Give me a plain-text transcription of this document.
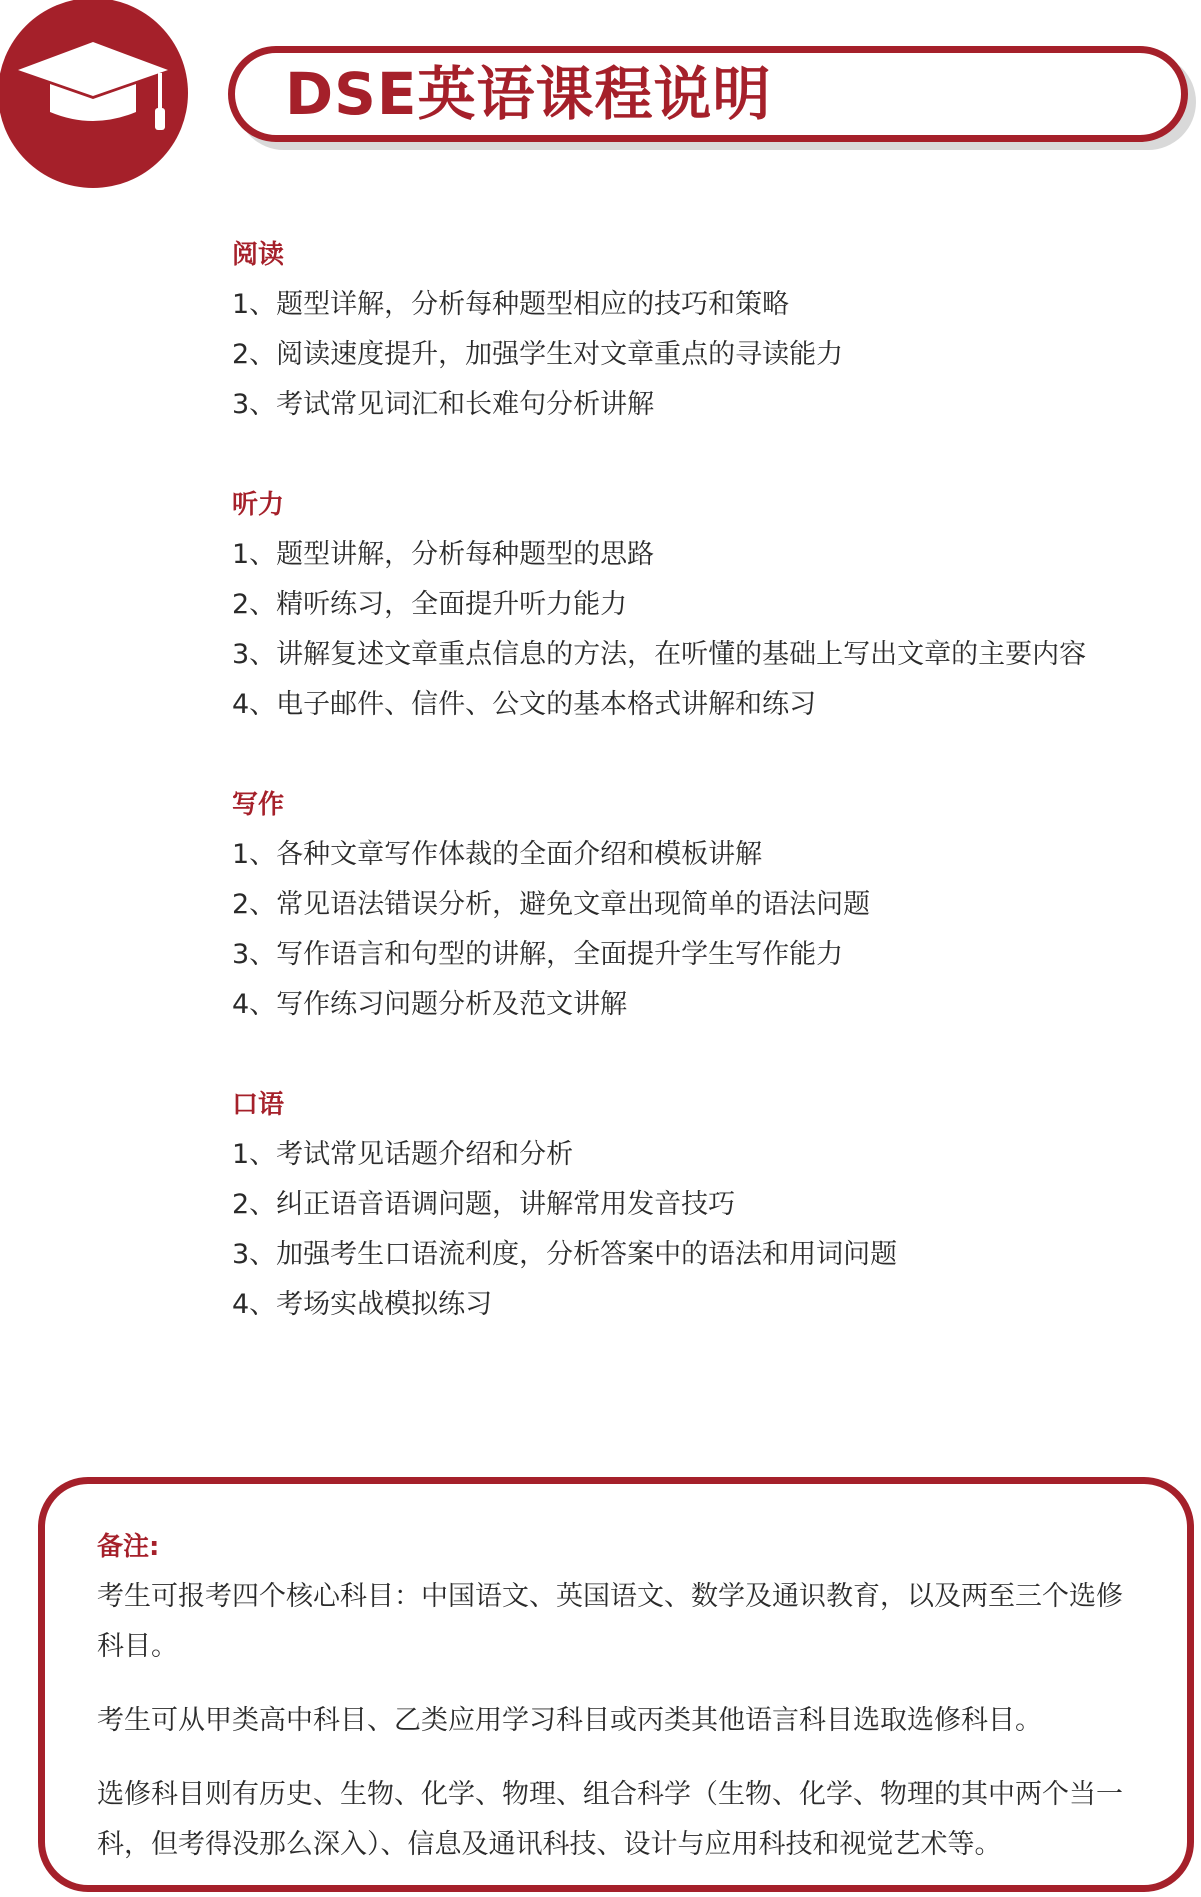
DSE英语课程说明
阅读
1、题型详解，分析每种题型相应的技巧和策略
2、阅读速度提升，加强学生对文章重点的寻读能力
3、考试常见词汇和长难句分析讲解
听力
1、题型讲解，分析每种题型的思路
2、精听练习，全面提升听力能力
3、讲解复述文章重点信息的方法，在听懂的基础上写出文章的主要内容
4、电子邮件、信件、公文的基本格式讲解和练习
写作
1、各种文章写作体裁的全面介绍和模板讲解
2、常见语法错误分析，避免文章出现简单的语法问题
3、写作语言和句型的讲解，全面提升学生写作能力
4、写作练习问题分析及范文讲解
口语
1、考试常见话题介绍和分析
2、纠正语音语调问题，讲解常用发音技巧
3、加强考生口语流利度，分析答案中的语法和用词问题
4、考场实战模拟练习
备注:
考生可报考四个核心科目：中国语文、英国语文、数学及通识教育，以及两至三个选修科目。
考生可从甲类高中科目、乙类应用学习科目或丙类其他语言科目选取选修科目。
选修科目则有历史、生物、化学、物理、组合科学（生物、化学、物理的其中两个当一科，但考得没那么深入）、信息及通讯科技、设计与应用科技和视觉艺术等。
